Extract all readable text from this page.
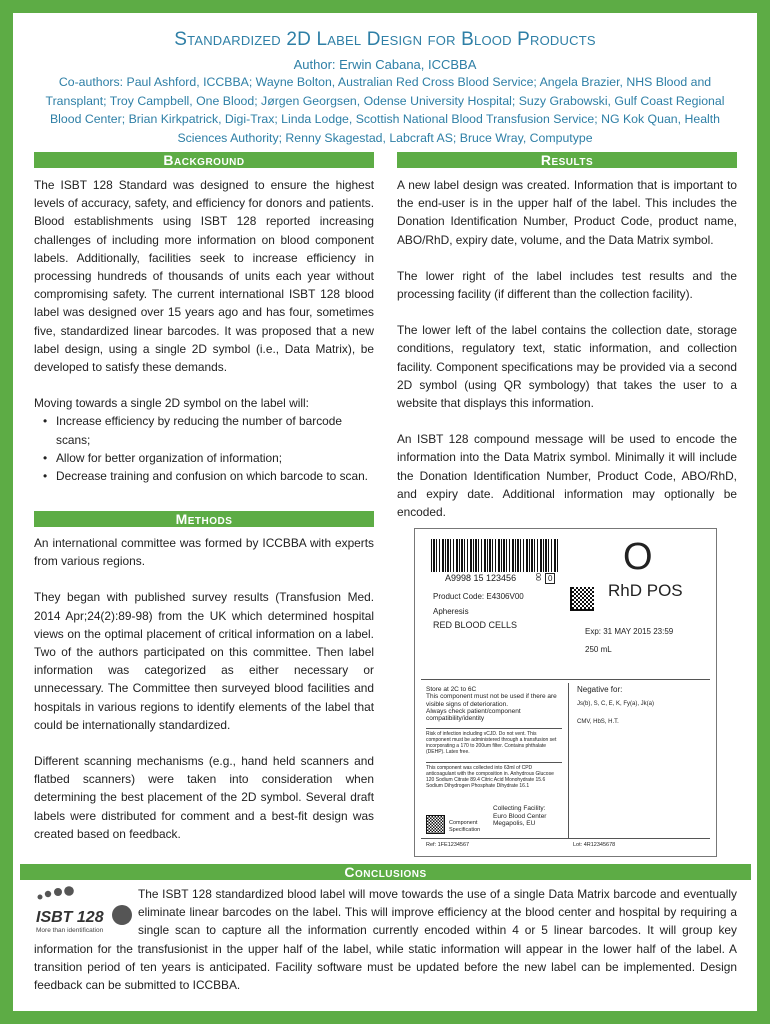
Standardized 2D Label Design for Blood Products
Author: Erwin Cabana, ICCBBA
Co-authors: Paul Ashford, ICCBBA; Wayne Bolton, Australian Red Cross Blood Service; Angela Brazier, NHS Blood and Transplant; Troy Campbell, One Blood; Jørgen Georgsen, Odense University Hospital; Suzy Grabowski, Gulf Coast Regional Blood Center; Brian Kirkpatrick, Digi-Trax; Linda Lodge, Scottish National Blood Transfusion Service; NG Kok Quan, Health Sciences Authority; Renny Skagestad, Labcraft AS; Bruce Wray, Computype
Background

The ISBT 128 Standard was designed to ensure the highest levels of accuracy, safety, and efficiency for donors and patients. Blood establishments using ISBT 128 reported increasing challenges of including more information on blood component labels. Additionally, facilities seek to increase efficiency in processing hundreds of thousands of units each year without compromising safety. The current international ISBT 128 blood label was designed over 15 years ago and has four, sometimes five, standardized linear barcodes. It was proposed that a new label design, using a single 2D symbol (i.e., Data Matrix), be developed to satisfy these demands.

Moving towards a single 2D symbol on the label will:

• Increase efficiency by reducing the number of barcode scans;
• Allow for better organization of information;
• Decrease training and confusion on which barcode to scan.
Methods

An international committee was formed by ICCBBA with experts from various regions.

They began with published survey results (Transfusion Med. 2014 Apr;24(2):89-98) from the UK which determined hospital views on the optimal placement of critical information on a label. Two of the authors participated on this committee. Then label information was categorized as either necessary or unnecessary. The Committee then surveyed blood facilities and hospitals in various regions to identify elements of the label that could be internationally standardized.

Different scanning mechanisms (e.g., hand held scanners and flatbed scanners) were taken into consideration when determining the best placement of the 2D symbol. Several draft labels were distributed for comment and a best-fit design was created based on feedback.

Results

A new label design was created. Information that is important to the end-user is in the upper half of the label. This includes the Donation Identification Number, Product Code, product name, ABO/RhD, expiry date, volume, and the Data Matrix symbol.

The lower right of the label includes test results and the processing facility (if different than the collection facility).

The lower left of the label contains the collection date, storage conditions, regulatory text, static information, and collection facility. Component specifications may be provided via a second 2D symbol (using QR symbology) that takes the user to a website that displays this information.

An ISBT 128 compound message will be used to encode the information into the Data Matrix symbol. Minimally it will include the Donation Identification Number, Product Code, ABO/RhD, and expiry date. Additional information may optionally be encoded.

A9998 15 123456	00 0
O
RhD POS
Product Code: E4306V00
Apheresis
RED BLOOD CELLS
Exp: 31 MAY 2015 23:59
250 mL
Store at 2C to 6C
This component must not be used if there are visible signs of deterioration.
Always check patient/component compatibility/identity
Risk of infection including vCJD. Do not vent. This component must be administered through a transfusion set incorporating a 170 to 200um filter. Contains phthalate (DEHP). Latex free.
This component was collected into 63ml of CPD anticoagulant with the composition in. Anhydrous Glucose 120 Sodium Citrate 89.4 Citric Acid Monohydrate 15.6 Sodium Dihydrogen Phosphate Dihydrate 16.1
Component
Specification
Collecting Facility:
Euro Blood Center
Megapolis, EU
Negative for:
Js(b), S, C, E, K, Fy(a), Jk(a)
CMV, HbS, H.T.
Ref: 1FE1234567	Lot: 4R12345678
Conclusions
ISBT 128
More than identification
The ISBT 128 standardized blood label will move towards the use of a single Data Matrix barcode and eventually eliminate linear barcodes on the label. This will improve efficiency at the blood center and hospital by requiring a single scan to capture all the information currently encoded within 4 or 5 linear barcodes. It will group key information for the transfusionist in the upper half of the label, while static information will appear in the lower half of the label. A transition period of ten years is anticipated. Facility software must be updated before the new label can be implemented. Design feedback can be submitted to ICCBBA.
